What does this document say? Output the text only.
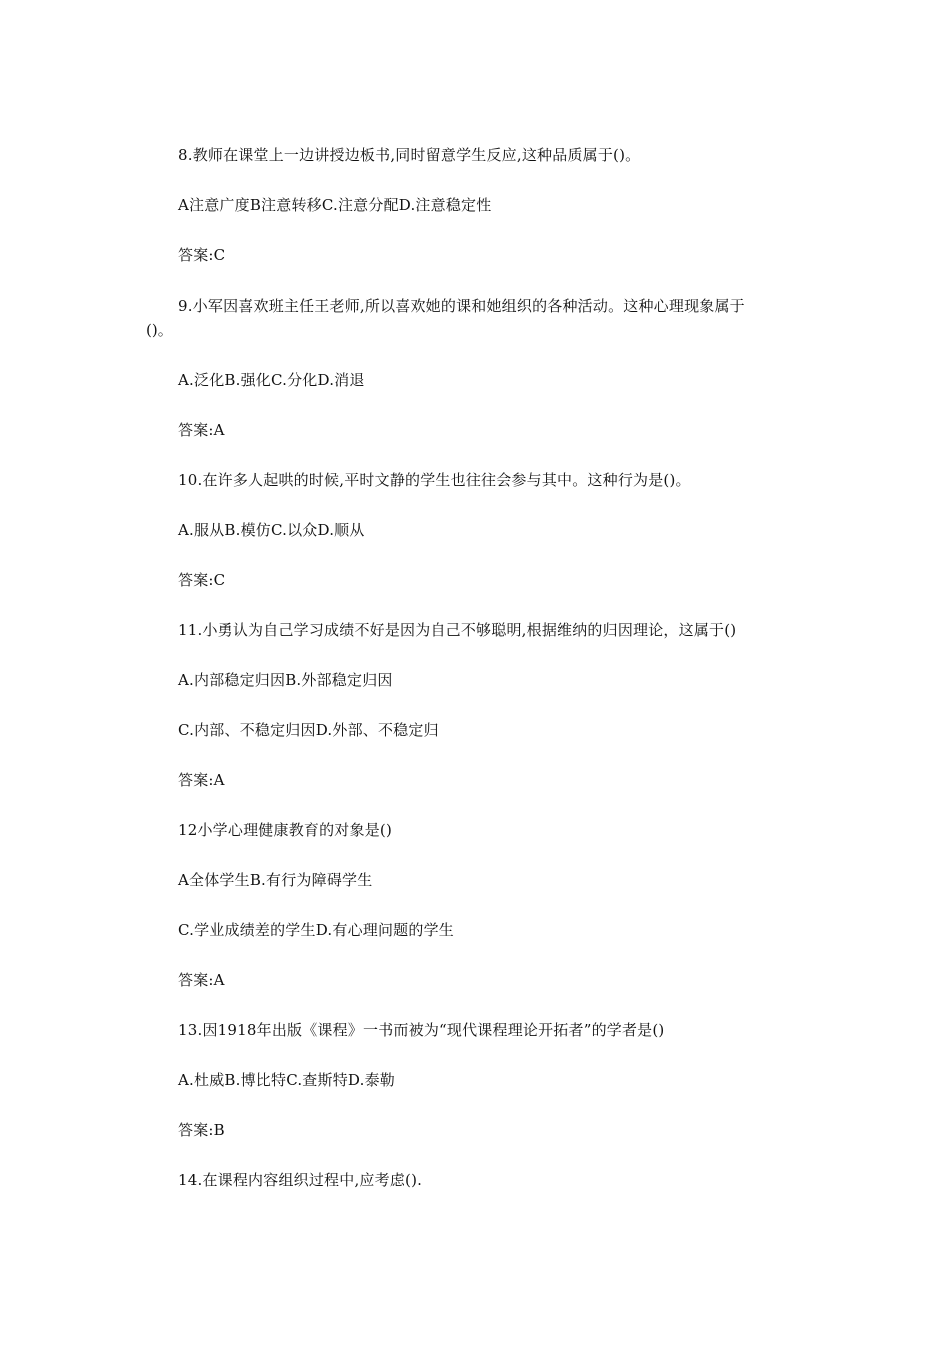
8.教师在课堂上一边讲授边板书,同时留意学生反应,这种品质属于()。
A注意广度B注意转移C.注意分配D.注意稳定性
答案:C
9.小军因喜欢班主任王老师,所以喜欢她的课和她组织的各种活动。这种心理现象属于
()。
A.泛化B.强化C.分化D.消退
答案:A
10.在许多人起哄的时候,平时文静的学生也往往会参与其中。这种行为是()。
A.服从B.模仿C.以众D.顺从
答案:C
11.小勇认为自己学习成绩不好是因为自己不够聪明,根据维纳的归因理论，这属于()
A.内部稳定归因B.外部稳定归因
C.内部、不稳定归因D.外部、不稳定归
答案:A
12小学心理健康教育的对象是()
A全体学生B.有行为障碍学生
C.学业成绩差的学生D.有心理问题的学生
答案:A
13.因1918年出版《课程》一书而被为“现代课程理论开拓者”的学者是()
A.杜威B.博比特C.查斯特D.泰勒
答案:B
14.在课程内容组织过程中,应考虑().
